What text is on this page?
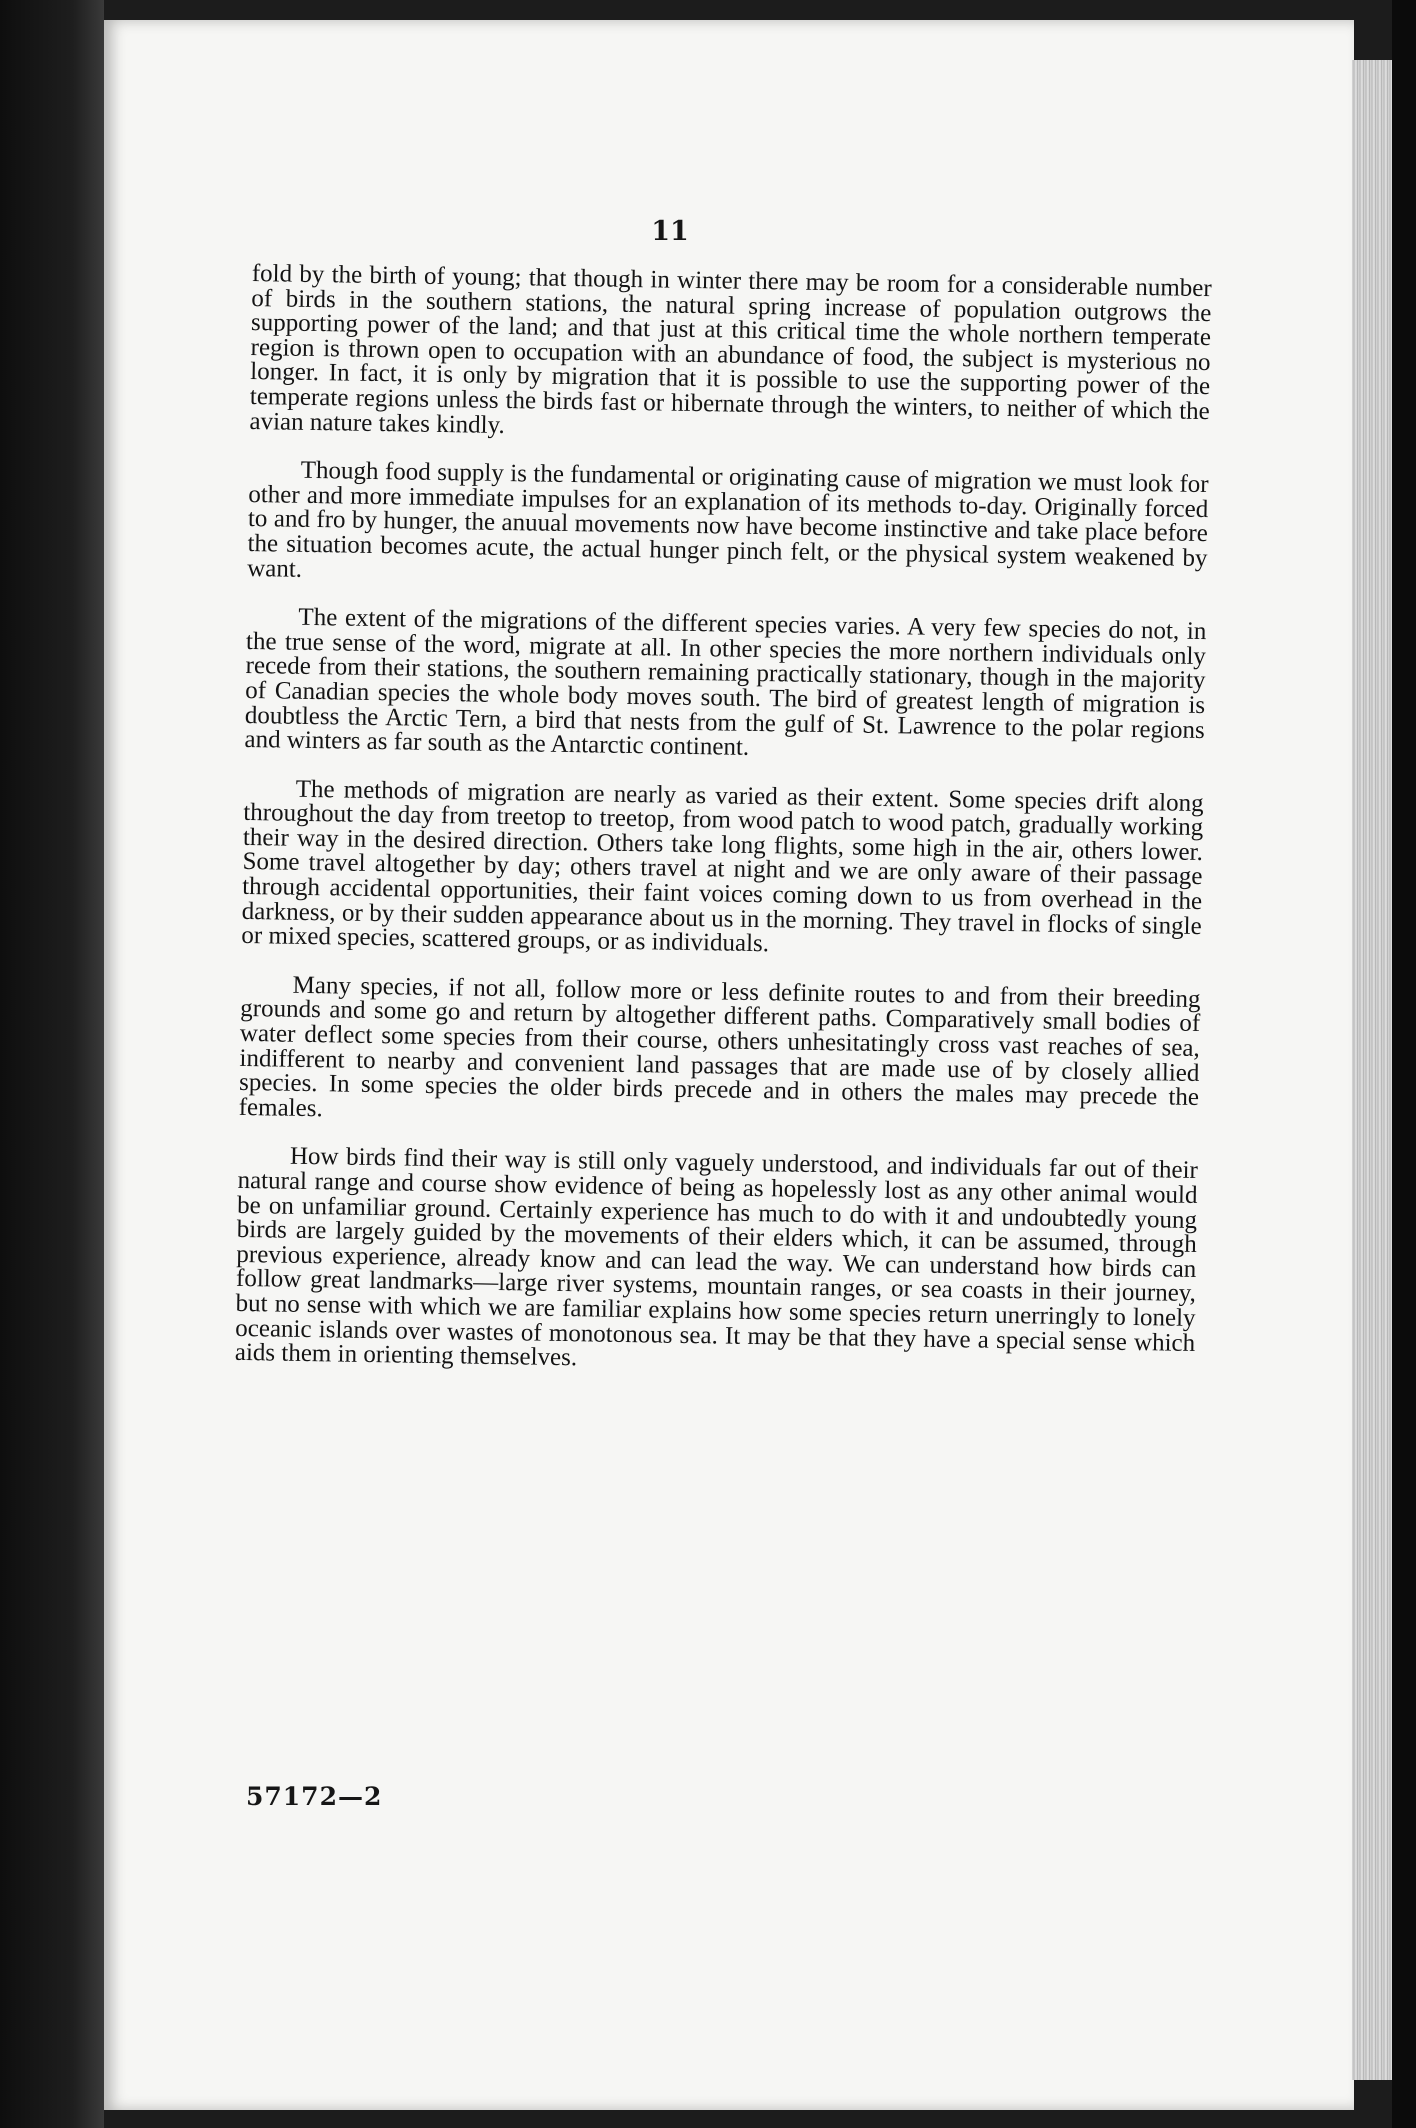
11

fold by the birth of young; that though in winter there may be room for a considerable number of birds in the southern stations, the natural spring increase of population outgrows the supporting power of the land; and that just at this critical time the whole northern temperate region is thrown open to occupation with an abundance of food, the subject is mysterious no longer. In fact, it is only by migration that it is possible to use the supporting power of the temperate regions unless the birds fast or hibernate through the winters, to neither of which the avian nature takes kindly.

Though food supply is the fundamental or originating cause of migration we must look for other and more immediate impulses for an explanation of its methods to-day. Originally forced to and fro by hunger, the anuual movements now have become instinctive and take place before the situation becomes acute, the actual hunger pinch felt, or the physical system weakened by want.

The extent of the migrations of the different species varies. A very few species do not, in the true sense of the word, migrate at all. In other species the more northern individuals only recede from their stations, the southern remaining practically stationary, though in the majority of Canadian species the whole body moves south. The bird of greatest length of migration is doubtless the Arctic Tern, a bird that nests from the gulf of St. Lawrence to the polar regions and winters as far south as the Antarctic continent.

The methods of migration are nearly as varied as their extent. Some species drift along throughout the day from treetop to treetop, from wood patch to wood patch, gradually working their way in the desired direction. Others take long flights, some high in the air, others lower. Some travel altogether by day; others travel at night and we are only aware of their passage through accidental opportunities, their faint voices coming down to us from overhead in the darkness, or by their sudden appearance about us in the morning. They travel in flocks of single or mixed species, scattered groups, or as individuals.

Many species, if not all, follow more or less definite routes to and from their breeding grounds and some go and return by altogether different paths. Comparatively small bodies of water deflect some species from their course, others unhesitatingly cross vast reaches of sea, indifferent to nearby and convenient land passages that are made use of by closely allied species. In some species the older birds precede and in others the males may precede the females.

How birds find their way is still only vaguely understood, and individuals far out of their natural range and course show evidence of being as hopelessly lost as any other animal would be on unfamiliar ground. Certainly experience has much to do with it and undoubtedly young birds are largely guided by the movements of their elders which, it can be assumed, through previous experience, already know and can lead the way. We can understand how birds can follow great landmarks—large river systems, mountain ranges, or sea coasts in their journey, but no sense with which we are familiar explains how some species return unerringly to lonely oceanic islands over wastes of monotonous sea. It may be that they have a special sense which aids them in orienting themselves.

57172—2
